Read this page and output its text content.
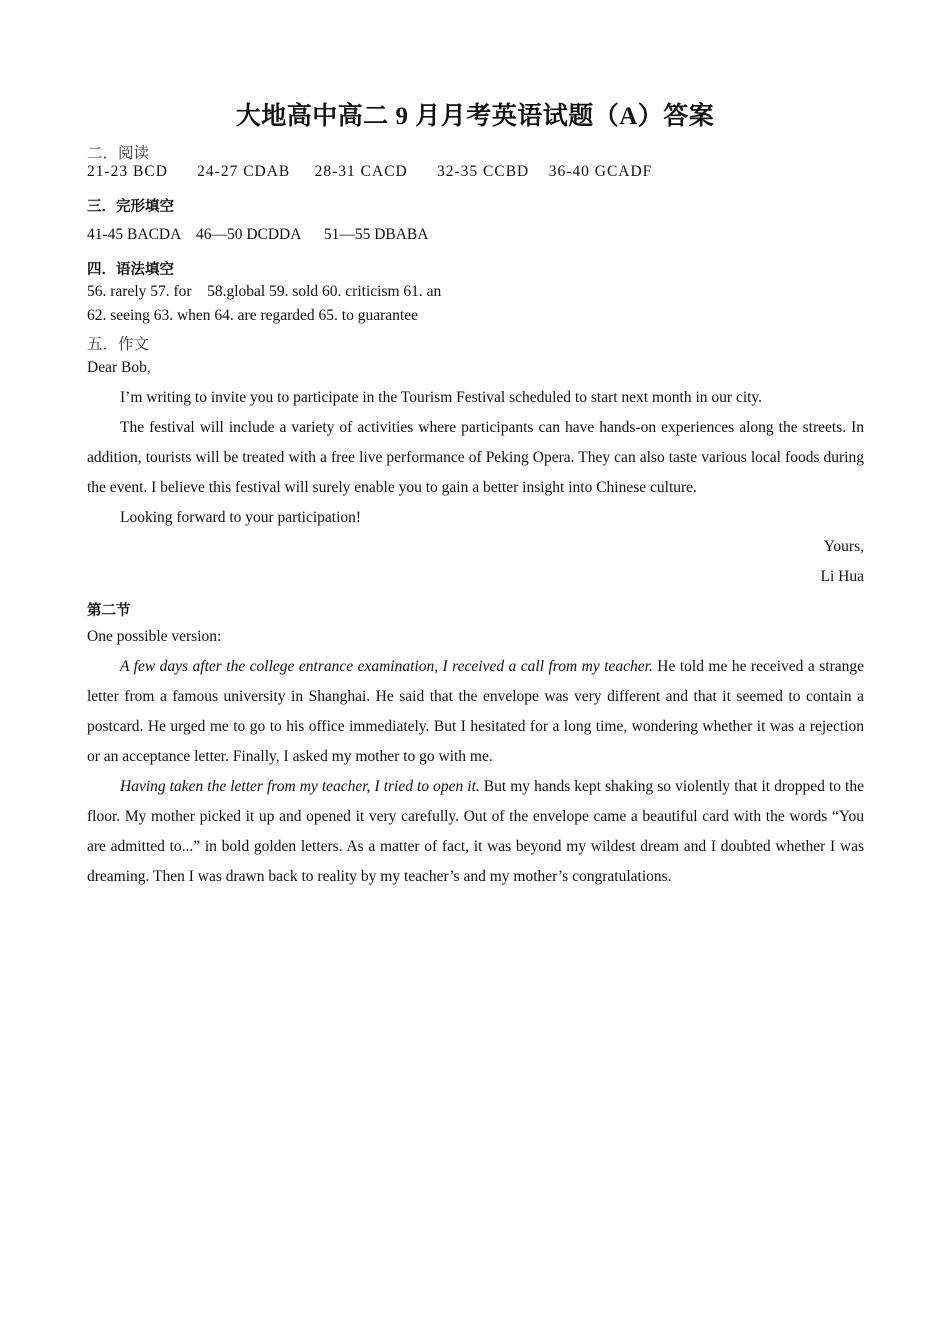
大地高中高二 9 月月考英语试题（A）答案
二．阅读
21-23 BCD      24-27 CDAB     28-31 CACD      32-35 CCBD    36-40 GCADF
三．完形填空
41-45 BACDA    46—50 DCDDA      51—55 DBABA
四．语法填空
56. rarely 57. for    58.global 59. sold 60. criticism 61. an
62. seeing 63. when 64. are regarded 65. to guarantee
五．作文
Dear Bob,
I’m writing to invite you to participate in the Tourism Festival scheduled to start next month in our city.
The festival will include a variety of activities where participants can have hands-on experiences along the streets. In addition, tourists will be treated with a free live performance of Peking Opera. They can also taste various local foods during the event. I believe this festival will surely enable you to gain a better insight into Chinese culture.
Looking forward to your participation!
Yours,
Li Hua
第二节
One possible version:
A few days after the college entrance examination, I received a call from my teacher. He told me he received a strange letter from a famous university in Shanghai. He said that the envelope was very different and that it seemed to contain a postcard. He urged me to go to his office immediately. But I hesitated for a long time, wondering whether it was a rejection or an acceptance letter. Finally, I asked my mother to go with me.
Having taken the letter from my teacher, I tried to open it. But my hands kept shaking so violently that it dropped to the floor. My mother picked it up and opened it very carefully. Out of the envelope came a beautiful card with the words “You are admitted to...” in bold golden letters. As a matter of fact, it was beyond my wildest dream and I doubted whether I was dreaming. Then I was drawn back to reality by my teacher’s and my mother’s congratulations.
